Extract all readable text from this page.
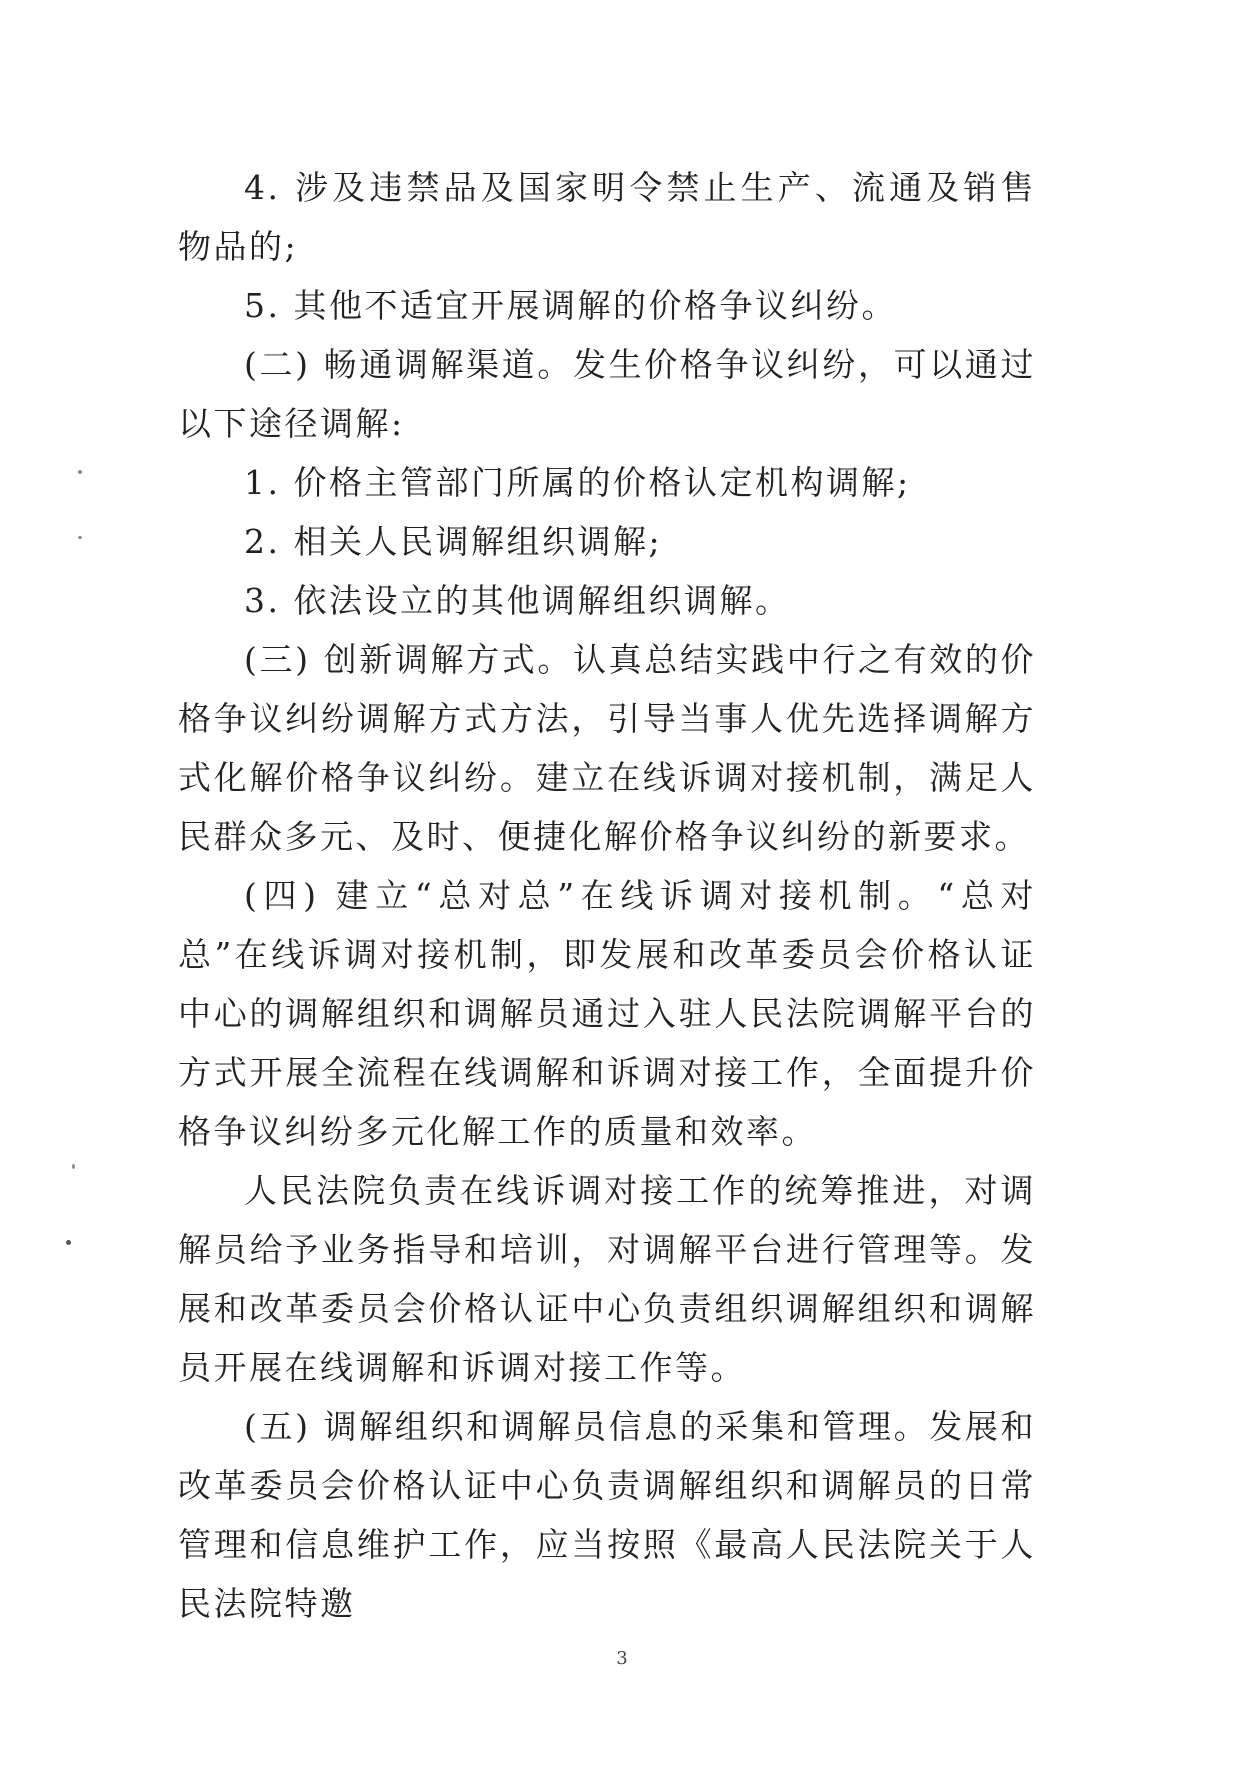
4. 涉及违禁品及国家明令禁止生产、流通及销售物品的;

5. 其他不适宜开展调解的价格争议纠纷。

(二) 畅通调解渠道。发生价格争议纠纷，可以通过以下途径调解:

1. 价格主管部门所属的价格认定机构调解;

2. 相关人民调解组织调解;

3. 依法设立的其他调解组织调解。

(三) 创新调解方式。认真总结实践中行之有效的价格争议纠纷调解方式方法，引导当事人优先选择调解方式化解价格争议纠纷。建立在线诉调对接机制，满足人民群众多元、及时、便捷化解价格争议纠纷的新要求。

(四) 建立“总对总”在线诉调对接机制。“总对总”在线诉调对接机制，即发展和改革委员会价格认证中心的调解组织和调解员通过入驻人民法院调解平台的方式开展全流程在线调解和诉调对接工作，全面提升价格争议纠纷多元化解工作的质量和效率。

人民法院负责在线诉调对接工作的统筹推进，对调解员给予业务指导和培训，对调解平台进行管理等。发展和改革委员会价格认证中心负责组织调解组织和调解员开展在线调解和诉调对接工作等。

(五) 调解组织和调解员信息的采集和管理。发展和改革委员会价格认证中心负责调解组织和调解员的日常管理和信息维护工作，应当按照《最高人民法院关于人民法院特邀

3
